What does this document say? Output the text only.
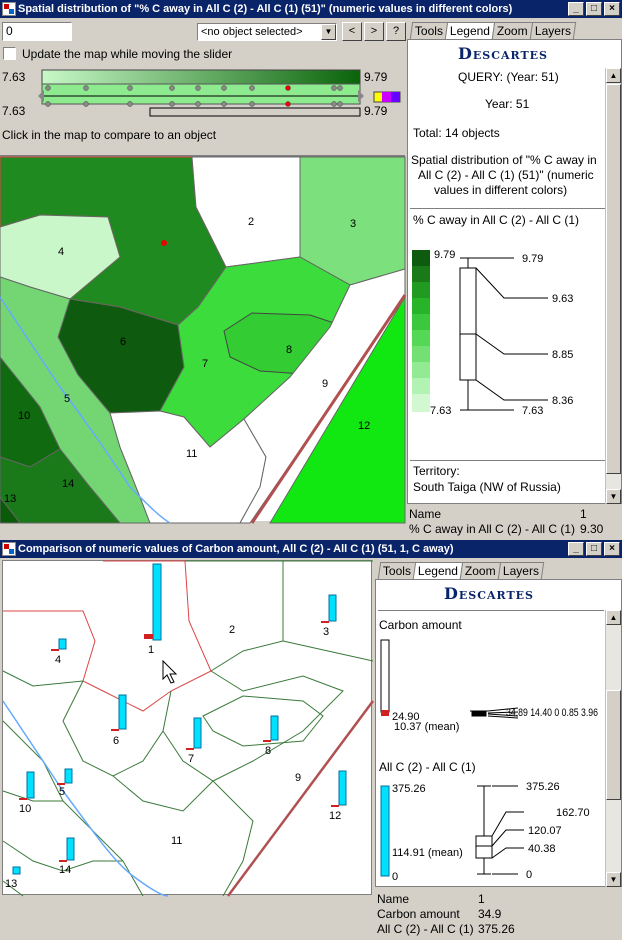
Spatial distribution of "% C away in All C (2) - All C (1) (51)" (numeric values in different colors)	_	□	×
0	<no object selected>	▼	<	>	?
Update the map while moving the slider
7.63	9.79
7.63	9.79
Click in the map to compare to an object
2	3
4
6
7
8
9
5
10
11
12
13
14
Tools Legend Zoom Layers
Descartes
QUERY: (Year: 51)
Year: 51
Total: 14 objects
Spatial distribution of "% C away in
All C (2) - All C (1) (51)" (numeric
values in different colors)
% C away in All C (2) - All C (1)
9.79
7.63
9.79
9.63
8.85
8.36
7.63
Territory:
South Taiga (NW of Russia)
▲
▼
Name	1
% C away in All C (2) - All C (1) 9.30
Comparison of numeric values of Carbon amount, All C (2) - All C (1) (51, 1, C away)	_	□	×
2	3
4
1
6
7
8
9
10
5
11
12
13
14
Tools Legend Zoom Layers
Descartes
Carbon amount
24.90
10.37 (mean)
34.89 14.40 0 0.85 3.96
All C (2) - All C (1)
375.26
114.91 (mean)
0
375.26
162.70
120.07
40.38
0
▲
▼
Name	1
Carbon amount 34.9
All C (2) - All C (1) 375.26
